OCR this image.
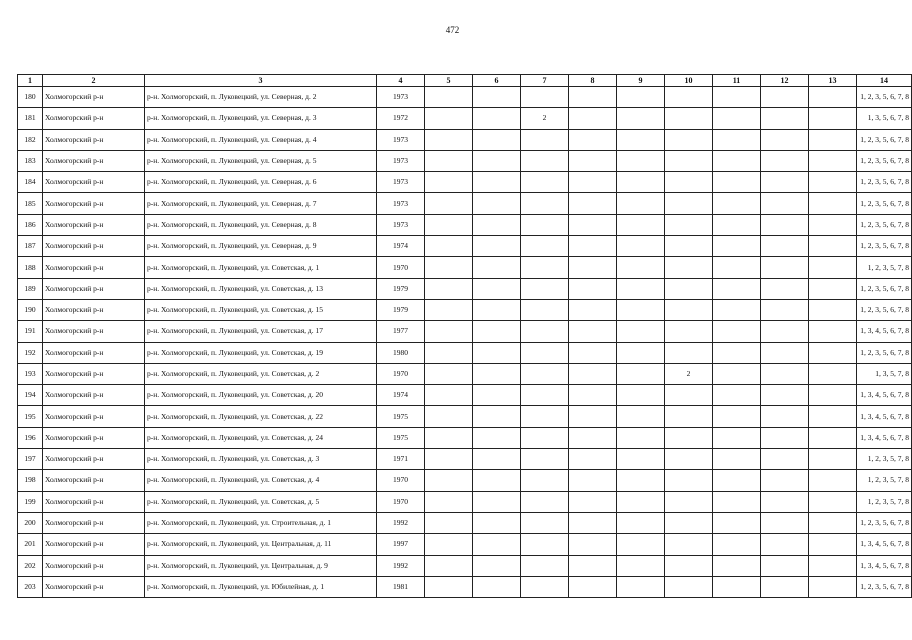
472
1	2	3	4	5	6	7	8	9	10	11	12	13	14
180	Холмогорский р-н	р-н. Холмогорский, п. Луковецкий, ул. Северная, д. 2	1973										1, 2, 3, 5, 6, 7, 8
181	Холмогорский р-н	р-н. Холмогорский, п. Луковецкий, ул. Северная, д. 3	1972			2							1, 3, 5, 6, 7, 8
182	Холмогорский р-н	р-н. Холмогорский, п. Луковецкий, ул. Северная, д. 4	1973										1, 2, 3, 5, 6, 7, 8
183	Холмогорский р-н	р-н. Холмогорский, п. Луковецкий, ул. Северная, д. 5	1973										1, 2, 3, 5, 6, 7, 8
184	Холмогорский р-н	р-н. Холмогорский, п. Луковецкий, ул. Северная, д. 6	1973										1, 2, 3, 5, 6, 7, 8
185	Холмогорский р-н	р-н. Холмогорский, п. Луковецкий, ул. Северная, д. 7	1973										1, 2, 3, 5, 6, 7, 8
186	Холмогорский р-н	р-н. Холмогорский, п. Луковецкий, ул. Северная, д. 8	1973										1, 2, 3, 5, 6, 7, 8
187	Холмогорский р-н	р-н. Холмогорский, п. Луковецкий, ул. Северная, д. 9	1974										1, 2, 3, 5, 6, 7, 8
188	Холмогорский р-н	р-н. Холмогорский, п. Луковецкий, ул. Советская, д. 1	1970										1, 2, 3, 5, 7, 8
189	Холмогорский р-н	р-н. Холмогорский, п. Луковецкий, ул. Советская, д. 13	1979										1, 2, 3, 5, 6, 7, 8
190	Холмогорский р-н	р-н. Холмогорский, п. Луковецкий, ул. Советская, д. 15	1979										1, 2, 3, 5, 6, 7, 8
191	Холмогорский р-н	р-н. Холмогорский, п. Луковецкий, ул. Советская, д. 17	1977										1, 3, 4, 5, 6, 7, 8
192	Холмогорский р-н	р-н. Холмогорский, п. Луковецкий, ул. Советская, д. 19	1980										1, 2, 3, 5, 6, 7, 8
193	Холмогорский р-н	р-н. Холмогорский, п. Луковецкий, ул. Советская, д. 2	1970						2				1, 3, 5, 7, 8
194	Холмогорский р-н	р-н. Холмогорский, п. Луковецкий, ул. Советская, д. 20	1974										1, 3, 4, 5, 6, 7, 8
195	Холмогорский р-н	р-н. Холмогорский, п. Луковецкий, ул. Советская, д. 22	1975										1, 3, 4, 5, 6, 7, 8
196	Холмогорский р-н	р-н. Холмогорский, п. Луковецкий, ул. Советская, д. 24	1975										1, 3, 4, 5, 6, 7, 8
197	Холмогорский р-н	р-н. Холмогорский, п. Луковецкий, ул. Советская, д. 3	1971										1, 2, 3, 5, 7, 8
198	Холмогорский р-н	р-н. Холмогорский, п. Луковецкий, ул. Советская, д. 4	1970										1, 2, 3, 5, 7, 8
199	Холмогорский р-н	р-н. Холмогорский, п. Луковецкий, ул. Советская, д. 5	1970										1, 2, 3, 5, 7, 8
200	Холмогорский р-н	р-н. Холмогорский, п. Луковецкий, ул. Строительная, д. 1	1992										1, 2, 3, 5, 6, 7, 8
201	Холмогорский р-н	р-н. Холмогорский, п. Луковецкий, ул. Центральная, д. 11	1997										1, 3, 4, 5, 6, 7, 8
202	Холмогорский р-н	р-н. Холмогорский, п. Луковецкий, ул. Центральная, д. 9	1992										1, 3, 4, 5, 6, 7, 8
203	Холмогорский р-н	р-н. Холмогорский, п. Луковецкий, ул. Юбилейная, д. 1	1981										1, 2, 3, 5, 6, 7, 8
